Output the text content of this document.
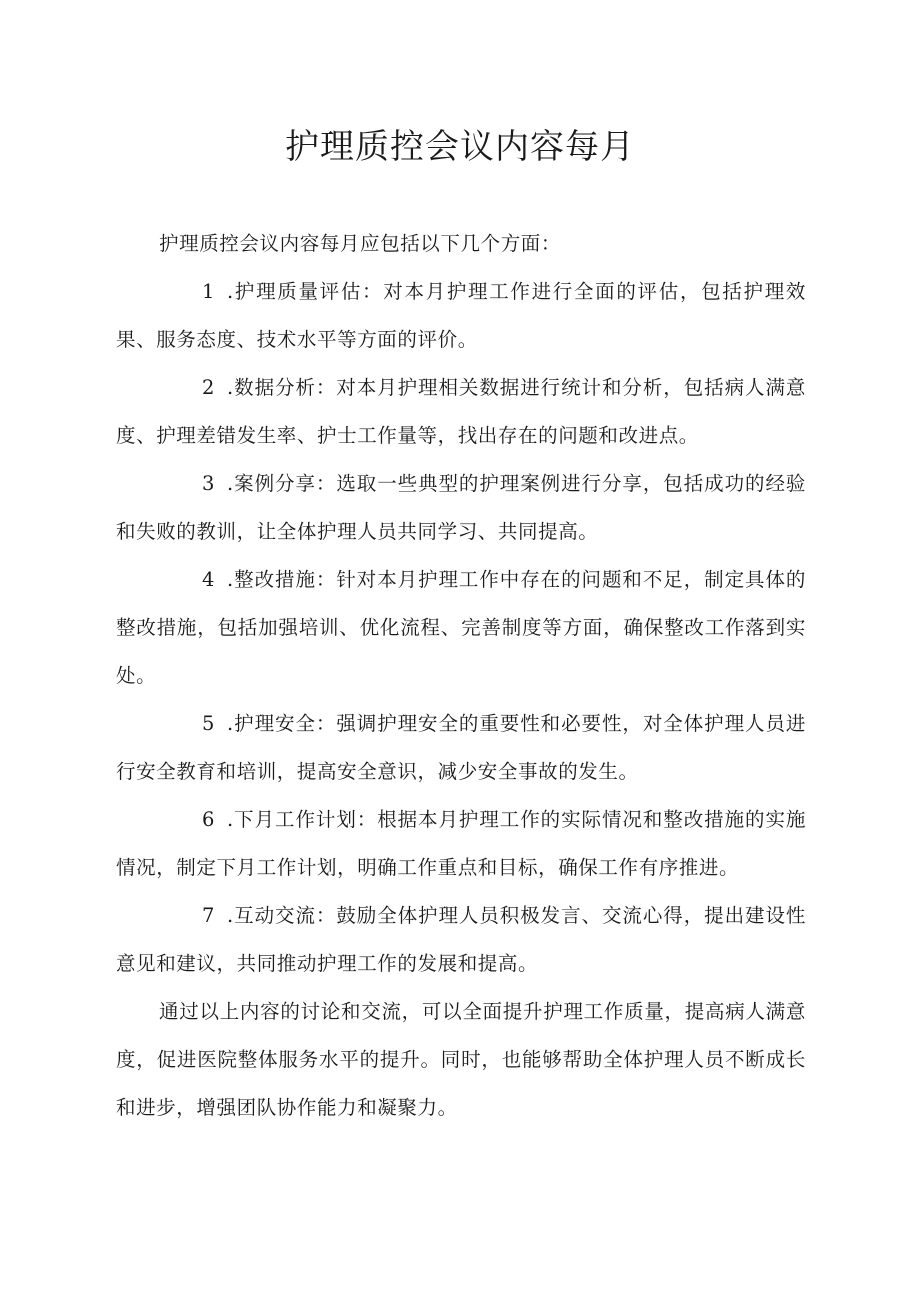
护理质控会议内容每月

护理质控会议内容每月应包括以下几个方面：

1 .护理质量评估：对本月护理工作进行全面的评估，包括护理效果、服务态度、技术水平等方面的评价。

2 .数据分析：对本月护理相关数据进行统计和分析，包括病人满意度、护理差错发生率、护士工作量等，找出存在的问题和改进点。

3 .案例分享：选取一些典型的护理案例进行分享，包括成功的经验和失败的教训，让全体护理人员共同学习、共同提高。

4 .整改措施：针对本月护理工作中存在的问题和不足，制定具体的整改措施，包括加强培训、优化流程、完善制度等方面，确保整改工作落到实处。

5 .护理安全：强调护理安全的重要性和必要性，对全体护理人员进行安全教育和培训，提高安全意识，减少安全事故的发生。

6 .下月工作计划：根据本月护理工作的实际情况和整改措施的实施情况，制定下月工作计划，明确工作重点和目标，确保工作有序推进。

7 .互动交流：鼓励全体护理人员积极发言、交流心得，提出建设性意见和建议，共同推动护理工作的发展和提高。

通过以上内容的讨论和交流，可以全面提升护理工作质量，提高病人满意度，促进医院整体服务水平的提升。同时，也能够帮助全体护理人员不断成长和进步，增强团队协作能力和凝聚力。
